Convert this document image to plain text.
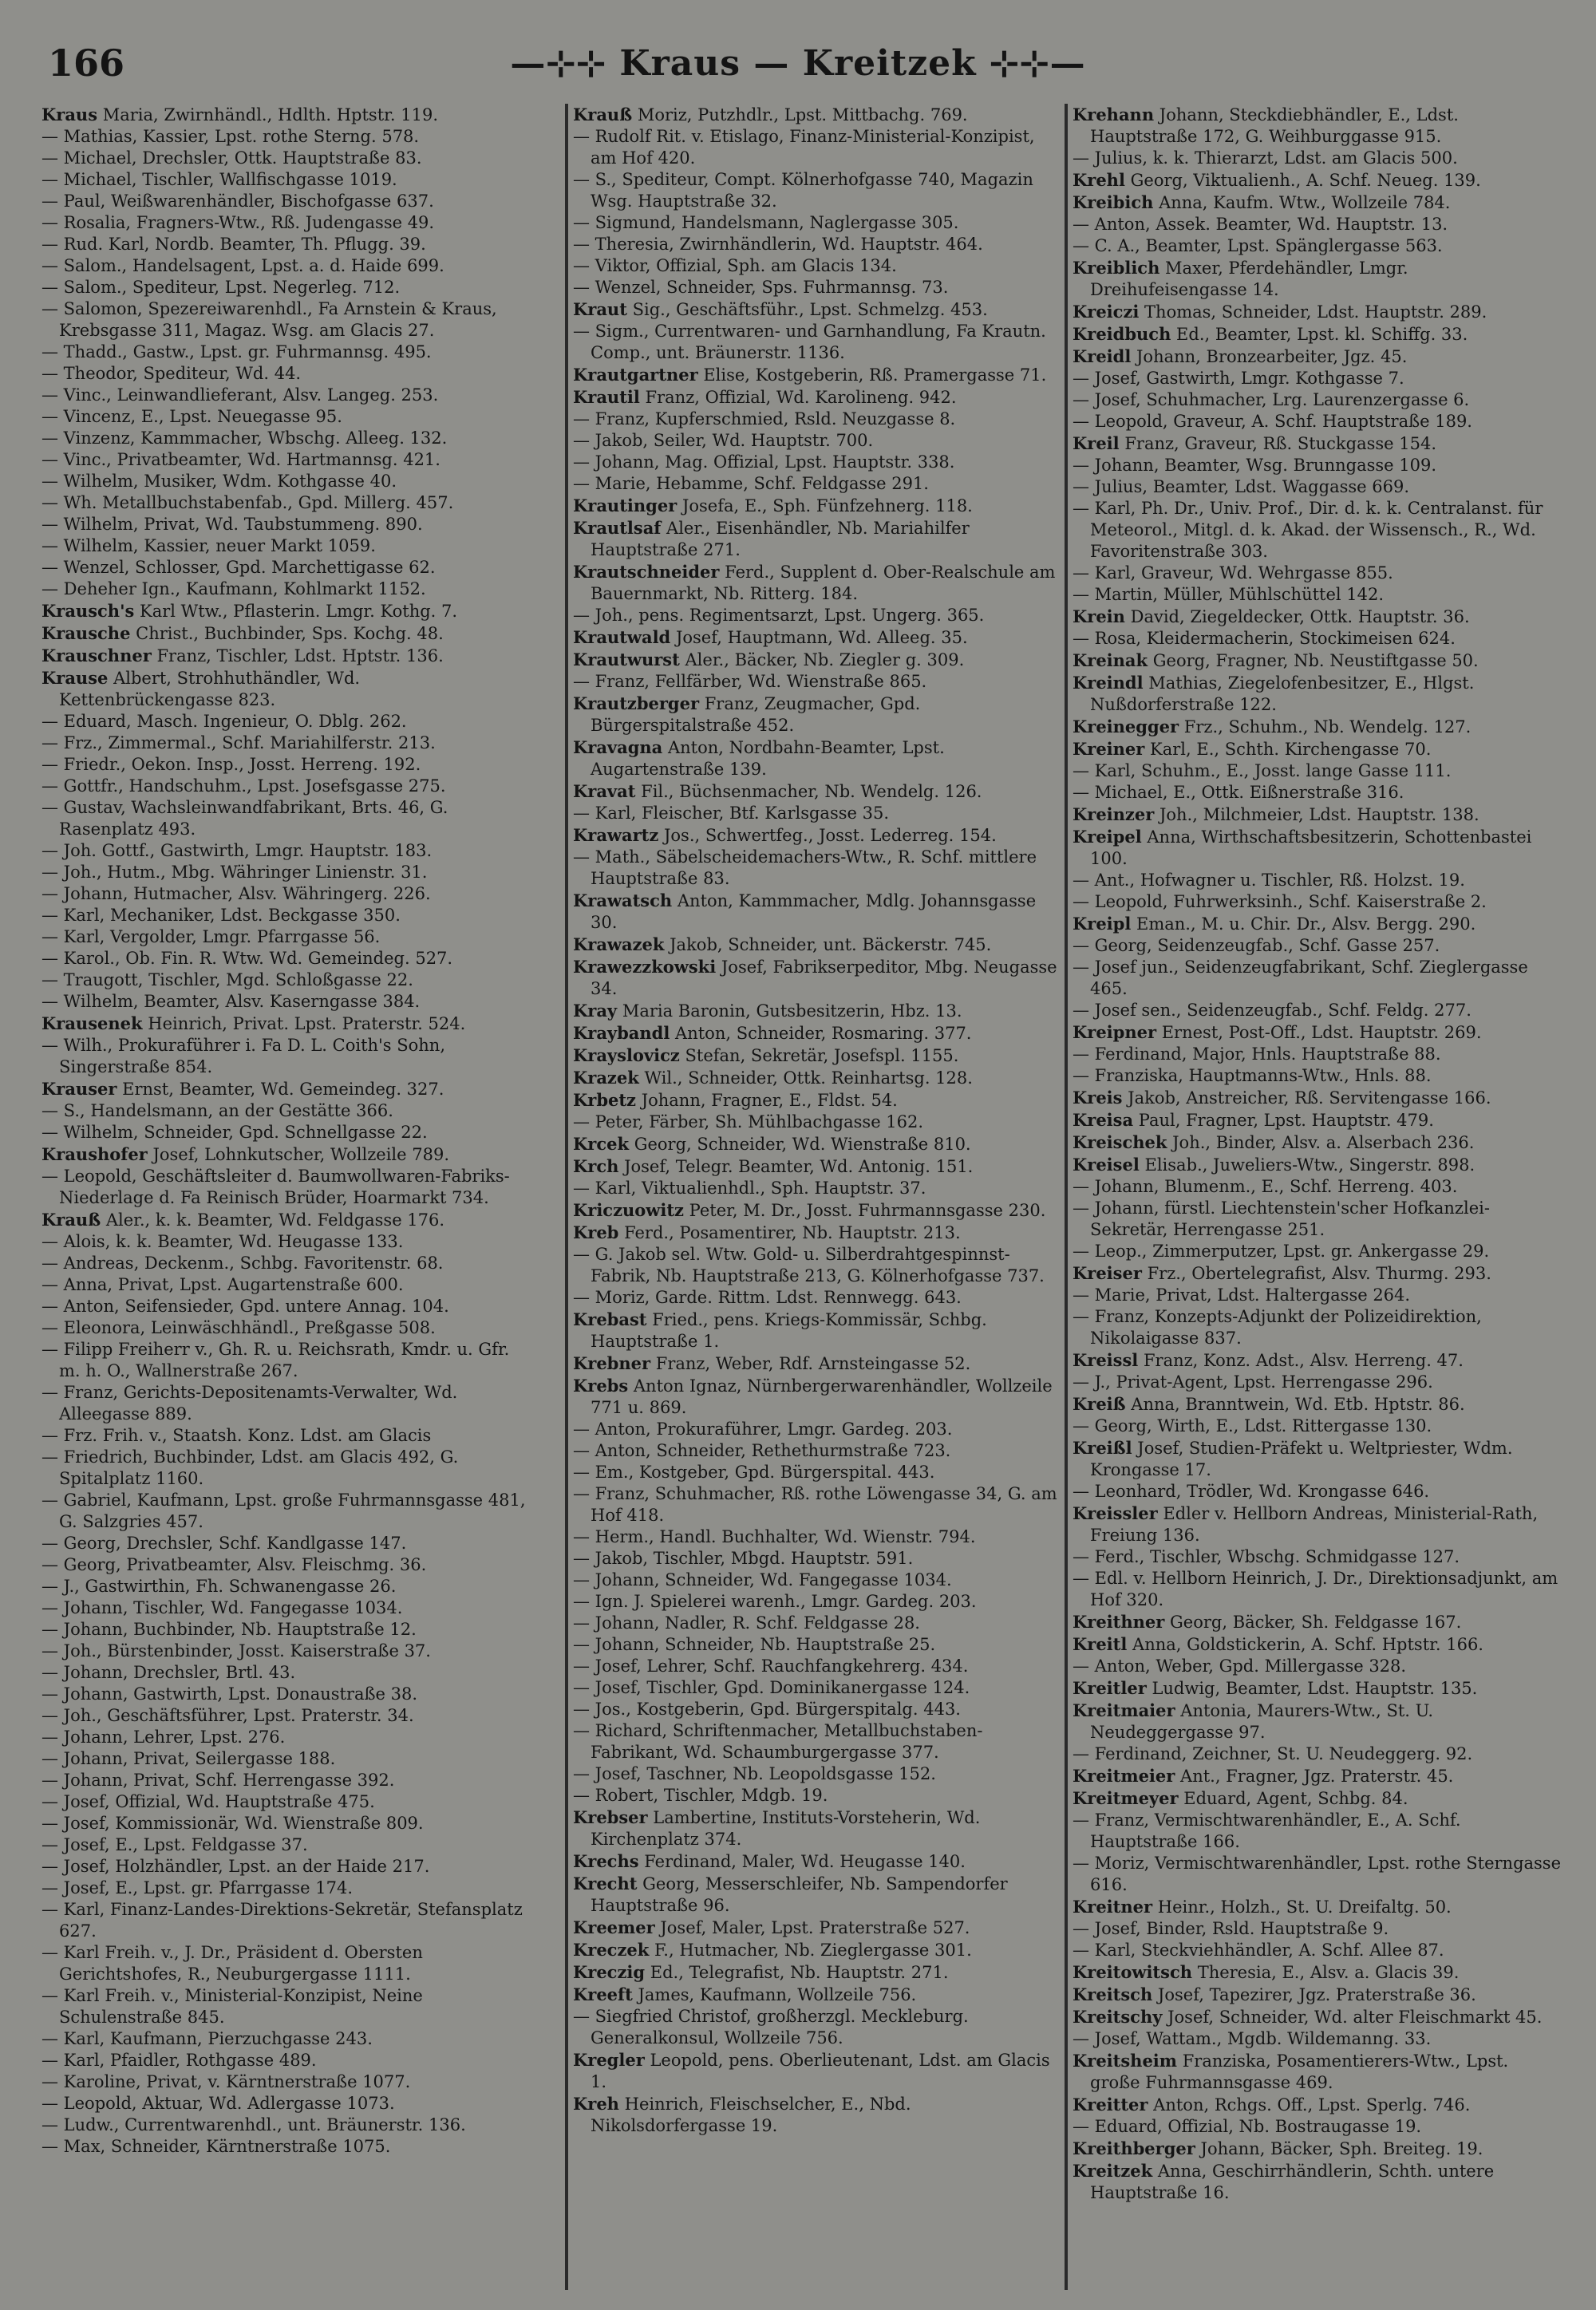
166	—⊹⊹ Kraus — Kreitzek ⊹⊹—
Kraus Maria, Zwirnhändl., Hdlth. Hptstr. 119.
— Mathias, Kassier, Lpst. rothe Sterng. 578.
— Michael, Drechsler, Ottk. Hauptstraße 83.
— Michael, Tischler, Wallfischgasse 1019.
— Paul, Weißwarenhändler, Bischofgasse 637.
— Rosalia, Fragners-Wtw., Rß. Judengasse 49.
— Rud. Karl, Nordb. Beamter, Th. Pflugg. 39.
— Salom., Handelsagent, Lpst. a. d. Haide 699.
— Salom., Spediteur, Lpst. Negerleg. 712.
— Salomon, Spezereiwarenhdl., Fa Arnstein & Kraus, Krebsgasse 311, Magaz. Wsg. am Glacis 27.
— Thadd., Gastw., Lpst. gr. Fuhrmannsg. 495.
— Theodor, Spediteur, Wd. 44.
— Vinc., Leinwandlieferant, Alsv. Langeg. 253.
— Vincenz, E., Lpst. Neuegasse 95.
— Vinzenz, Kammmacher, Wbschg. Alleeg. 132.
— Vinc., Privatbeamter, Wd. Hartmannsg. 421.
— Wilhelm, Musiker, Wdm. Kothgasse 40.
— Wh. Metallbuchstabenfab., Gpd. Millerg. 457.
— Wilhelm, Privat, Wd. Taubstummeng. 890.
— Wilhelm, Kassier, neuer Markt 1059.
— Wenzel, Schlosser, Gpd. Marchettigasse 62.
— Deheher Ign., Kaufmann, Kohlmarkt 1152.
Krausch's Karl Wtw., Pflasterin. Lmgr. Kothg. 7.
Krausche Christ., Buchbinder, Sps. Kochg. 48.
Krauschner Franz, Tischler, Ldst. Hptstr. 136.
Krause Albert, Strohhuthändler, Wd. Kettenbrückengasse 823.
— Eduard, Masch. Ingenieur, O. Dblg. 262.
— Frz., Zimmermal., Schf. Mariahilferstr. 213.
— Friedr., Oekon. Insp., Josst. Herreng. 192.
— Gottfr., Handschuhm., Lpst. Josefsgasse 275.
— Gustav, Wachsleinwandfabrikant, Brts. 46, G. Rasenplatz 493.
— Joh. Gottf., Gastwirth, Lmgr. Hauptstr. 183.
— Joh., Hutm., Mbg. Währinger Linienstr. 31.
— Johann, Hutmacher, Alsv. Währingerg. 226.
— Karl, Mechaniker, Ldst. Beckgasse 350.
— Karl, Vergolder, Lmgr. Pfarrgasse 56.
— Karol., Ob. Fin. R. Wtw. Wd. Gemeindeg. 527.
— Traugott, Tischler, Mgd. Schloßgasse 22.
— Wilhelm, Beamter, Alsv. Kaserngasse 384.
Krausenek Heinrich, Privat. Lpst. Praterstr. 524.
— Wilh., Prokuraführer i. Fa D. L. Coith's Sohn, Singerstraße 854.
Krauser Ernst, Beamter, Wd. Gemeindeg. 327.
— S., Handelsmann, an der Gestätte 366.
— Wilhelm, Schneider, Gpd. Schnellgasse 22.
Kraushofer Josef, Lohnkutscher, Wollzeile 789.
— Leopold, Geschäftsleiter d. Baumwollwaren-Fabriks-Niederlage d. Fa Reinisch Brüder, Hoarmarkt 734.
Krauß Aler., k. k. Beamter, Wd. Feldgasse 176.
— Alois, k. k. Beamter, Wd. Heugasse 133.
— Andreas, Deckenm., Schbg. Favoritenstr. 68.
— Anna, Privat, Lpst. Augartenstraße 600.
— Anton, Seifensieder, Gpd. untere Annag. 104.
— Eleonora, Leinwäschhändl., Preßgasse 508.
— Filipp Freiherr v., Gh. R. u. Reichsrath, Kmdr. u. Gfr. m. h. O., Wallnerstraße 267.
— Franz, Gerichts-Depositenamts-Verwalter, Wd. Alleegasse 889.
— Frz. Frih. v., Staatsh. Konz. Ldst. am Glacis
— Friedrich, Buchbinder, Ldst. am Glacis 492, G. Spitalplatz 1160.
— Gabriel, Kaufmann, Lpst. große Fuhrmannsgasse 481, G. Salzgries 457.
— Georg, Drechsler, Schf. Kandlgasse 147.
— Georg, Privatbeamter, Alsv. Fleischmg. 36.
— J., Gastwirthin, Fh. Schwanengasse 26.
— Johann, Tischler, Wd. Fangegasse 1034.
— Johann, Buchbinder, Nb. Hauptstraße 12.
— Joh., Bürstenbinder, Josst. Kaiserstraße 37.
— Johann, Drechsler, Brtl. 43.
— Johann, Gastwirth, Lpst. Donaustraße 38.
— Joh., Geschäftsführer, Lpst. Praterstr. 34.
— Johann, Lehrer, Lpst. 276.
— Johann, Privat, Seilergasse 188.
— Johann, Privat, Schf. Herrengasse 392.
— Josef, Offizial, Wd. Hauptstraße 475.
— Josef, Kommissionär, Wd. Wienstraße 809.
— Josef, E., Lpst. Feldgasse 37.
— Josef, Holzhändler, Lpst. an der Haide 217.
— Josef, E., Lpst. gr. Pfarrgasse 174.
— Karl, Finanz-Landes-Direktions-Sekretär, Stefansplatz 627.
— Karl Freih. v., J. Dr., Präsident d. Obersten Gerichtshofes, R., Neuburgergasse 1111.
— Karl Freih. v., Ministerial-Konzipist, Neine Schulenstraße 845.
— Karl, Kaufmann, Pierzuchgasse 243.
— Karl, Pfaidler, Rothgasse 489.
— Karoline, Privat, v. Kärntnerstraße 1077.
— Leopold, Aktuar, Wd. Adlergasse 1073.
— Ludw., Currentwarenhdl., unt. Bräunerstr. 136.
— Max, Schneider, Kärntnerstraße 1075.
Krauß Moriz, Putzhdlr., Lpst. Mittbachg. 769.
— Rudolf Rit. v. Etislago, Finanz-Ministerial-Konzipist, am Hof 420.
— S., Spediteur, Compt. Kölnerhofgasse 740, Magazin Wsg. Hauptstraße 32.
— Sigmund, Handelsmann, Naglergasse 305.
— Theresia, Zwirnhändlerin, Wd. Hauptstr. 464.
— Viktor, Offizial, Sph. am Glacis 134.
— Wenzel, Schneider, Sps. Fuhrmannsg. 73.
Kraut Sig., Geschäftsführ., Lpst. Schmelzg. 453.
— Sigm., Currentwaren- und Garnhandlung, Fa Krautn. Comp., unt. Bräunerstr. 1136.
Krautgartner Elise, Kostgeberin, Rß. Pramergasse 71.
Krautil Franz, Offizial, Wd. Karolineng. 942.
— Franz, Kupferschmied, Rsld. Neuzgasse 8.
— Jakob, Seiler, Wd. Hauptstr. 700.
— Johann, Mag. Offizial, Lpst. Hauptstr. 338.
— Marie, Hebamme, Schf. Feldgasse 291.
Krautinger Josefa, E., Sph. Fünfzehnerg. 118.
Krautlsaf Aler., Eisenhändler, Nb. Mariahilfer Hauptstraße 271.
Krautschneider Ferd., Supplent d. Ober-Realschule am Bauernmarkt, Nb. Ritterg. 184.
— Joh., pens. Regimentsarzt, Lpst. Ungerg. 365.
Krautwald Josef, Hauptmann, Wd. Alleeg. 35.
Krautwurst Aler., Bäcker, Nb. Ziegler g. 309.
— Franz, Fellfärber, Wd. Wienstraße 865.
Krautzberger Franz, Zeugmacher, Gpd. Bürgerspitalstraße 452.
Kravagna Anton, Nordbahn-Beamter, Lpst. Augartenstraße 139.
Kravat Fil., Büchsenmacher, Nb. Wendelg. 126.
— Karl, Fleischer, Btf. Karlsgasse 35.
Krawartz Jos., Schwertfeg., Josst. Lederreg. 154.
— Math., Säbelscheidemachers-Wtw., R. Schf. mittlere Hauptstraße 83.
Krawatsch Anton, Kammmacher, Mdlg. Johannsgasse 30.
Krawazek Jakob, Schneider, unt. Bäckerstr. 745.
Krawezzkowski Josef, Fabrikserpeditor, Mbg. Neugasse 34.
Kray Maria Baronin, Gutsbesitzerin, Hbz. 13.
Kraybandl Anton, Schneider, Rosmaring. 377.
Krayslovicz Stefan, Sekretär, Josefspl. 1155.
Krazek Wil., Schneider, Ottk. Reinhartsg. 128.
Krbetz Johann, Fragner, E., Fldst. 54.
— Peter, Färber, Sh. Mühlbachgasse 162.
Krcek Georg, Schneider, Wd. Wienstraße 810.
Krch Josef, Telegr. Beamter, Wd. Antonig. 151.
— Karl, Viktualienhdl., Sph. Hauptstr. 37.
Kriczuowitz Peter, M. Dr., Josst. Fuhrmannsgasse 230.
Kreb Ferd., Posamentirer, Nb. Hauptstr. 213.
— G. Jakob sel. Wtw. Gold- u. Silberdrahtgespinnst-Fabrik, Nb. Hauptstraße 213, G. Kölnerhofgasse 737.
— Moriz, Garde. Rittm. Ldst. Rennwegg. 643.
Krebast Fried., pens. Kriegs-Kommissär, Schbg. Hauptstraße 1.
Krebner Franz, Weber, Rdf. Arnsteingasse 52.
Krebs Anton Ignaz, Nürnbergerwarenhändler, Wollzeile 771 u. 869.
— Anton, Prokuraführer, Lmgr. Gardeg. 203.
— Anton, Schneider, Rethethurmstraße 723.
— Em., Kostgeber, Gpd. Bürgerspital. 443.
— Franz, Schuhmacher, Rß. rothe Löwengasse 34, G. am Hof 418.
— Herm., Handl. Buchhalter, Wd. Wienstr. 794.
— Jakob, Tischler, Mbgd. Hauptstr. 591.
— Johann, Schneider, Wd. Fangegasse 1034.
— Ign. J. Spielerei warenh., Lmgr. Gardeg. 203.
— Johann, Nadler, R. Schf. Feldgasse 28.
— Johann, Schneider, Nb. Hauptstraße 25.
— Josef, Lehrer, Schf. Rauchfangkehrerg. 434.
— Josef, Tischler, Gpd. Dominikanergasse 124.
— Jos., Kostgeberin, Gpd. Bürgerspitalg. 443.
— Richard, Schriftenmacher, Metallbuchstaben-Fabrikant, Wd. Schaumburgergasse 377.
— Josef, Taschner, Nb. Leopoldsgasse 152.
— Robert, Tischler, Mdgb. 19.
Krebser Lambertine, Instituts-Vorsteherin, Wd. Kirchenplatz 374.
Krechs Ferdinand, Maler, Wd. Heugasse 140.
Krecht Georg, Messerschleifer, Nb. Sampendorfer Hauptstraße 96.
Kreemer Josef, Maler, Lpst. Praterstraße 527.
Kreczek F., Hutmacher, Nb. Zieglergasse 301.
Kreczig Ed., Telegrafist, Nb. Hauptstr. 271.
Kreeft James, Kaufmann, Wollzeile 756.
— Siegfried Christof, großherzgl. Meckleburg. Generalkonsul, Wollzeile 756.
Kregler Leopold, pens. Oberlieutenant, Ldst. am Glacis 1.
Kreh Heinrich, Fleischselcher, E., Nbd. Nikolsdorfergasse 19.
Krehann Johann, Steckdiebhändler, E., Ldst. Hauptstraße 172, G. Weihburggasse 915.
— Julius, k. k. Thierarzt, Ldst. am Glacis 500.
Krehl Georg, Viktualienh., A. Schf. Neueg. 139.
Kreibich Anna, Kaufm. Wtw., Wollzeile 784.
— Anton, Assek. Beamter, Wd. Hauptstr. 13.
— C. A., Beamter, Lpst. Spänglergasse 563.
Kreiblich Maxer, Pferdehändler, Lmgr. Dreihufeisengasse 14.
Kreiczi Thomas, Schneider, Ldst. Hauptstr. 289.
Kreidbuch Ed., Beamter, Lpst. kl. Schiffg. 33.
Kreidl Johann, Bronzearbeiter, Jgz. 45.
— Josef, Gastwirth, Lmgr. Kothgasse 7.
— Josef, Schuhmacher, Lrg. Laurenzergasse 6.
— Leopold, Graveur, A. Schf. Hauptstraße 189.
Kreil Franz, Graveur, Rß. Stuckgasse 154.
— Johann, Beamter, Wsg. Brunngasse 109.
— Julius, Beamter, Ldst. Waggasse 669.
— Karl, Ph. Dr., Univ. Prof., Dir. d. k. k. Centralanst. für Meteorol., Mitgl. d. k. Akad. der Wissensch., R., Wd. Favoritenstraße 303.
— Karl, Graveur, Wd. Wehrgasse 855.
— Martin, Müller, Mühlschüttel 142.
Krein David, Ziegeldecker, Ottk. Hauptstr. 36.
— Rosa, Kleidermacherin, Stockimeisen 624.
Kreinak Georg, Fragner, Nb. Neustiftgasse 50.
Kreindl Mathias, Ziegelofenbesitzer, E., Hlgst. Nußdorferstraße 122.
Kreinegger Frz., Schuhm., Nb. Wendelg. 127.
Kreiner Karl, E., Schth. Kirchengasse 70.
— Karl, Schuhm., E., Josst. lange Gasse 111.
— Michael, E., Ottk. Eißnerstraße 316.
Kreinzer Joh., Milchmeier, Ldst. Hauptstr. 138.
Kreipel Anna, Wirthschaftsbesitzerin, Schottenbastei 100.
— Ant., Hofwagner u. Tischler, Rß. Holzst. 19.
— Leopold, Fuhrwerksinh., Schf. Kaiserstraße 2.
Kreipl Eman., M. u. Chir. Dr., Alsv. Bergg. 290.
— Georg, Seidenzeugfab., Schf. Gasse 257.
— Josef jun., Seidenzeugfabrikant, Schf. Zieglergasse 465.
— Josef sen., Seidenzeugfab., Schf. Feldg. 277.
Kreipner Ernest, Post-Off., Ldst. Hauptstr. 269.
— Ferdinand, Major, Hnls. Hauptstraße 88.
— Franziska, Hauptmanns-Wtw., Hnls. 88.
Kreis Jakob, Anstreicher, Rß. Servitengasse 166.
Kreisa Paul, Fragner, Lpst. Hauptstr. 479.
Kreischek Joh., Binder, Alsv. a. Alserbach 236.
Kreisel Elisab., Juweliers-Wtw., Singerstr. 898.
— Johann, Blumenm., E., Schf. Herreng. 403.
— Johann, fürstl. Liechtenstein'scher Hofkanzlei-Sekretär, Herrengasse 251.
— Leop., Zimmerputzer, Lpst. gr. Ankergasse 29.
Kreiser Frz., Obertelegrafist, Alsv. Thurmg. 293.
— Marie, Privat, Ldst. Haltergasse 264.
— Franz, Konzepts-Adjunkt der Polizeidirektion, Nikolaigasse 837.
Kreissl Franz, Konz. Adst., Alsv. Herreng. 47.
— J., Privat-Agent, Lpst. Herrengasse 296.
Kreiß Anna, Branntwein, Wd. Etb. Hptstr. 86.
— Georg, Wirth, E., Ldst. Rittergasse 130.
Kreißl Josef, Studien-Präfekt u. Weltpriester, Wdm. Krongasse 17.
— Leonhard, Trödler, Wd. Krongasse 646.
Kreissler Edler v. Hellborn Andreas, Ministerial-Rath, Freiung 136.
— Ferd., Tischler, Wbschg. Schmidgasse 127.
— Edl. v. Hellborn Heinrich, J. Dr., Direktionsadjunkt, am Hof 320.
Kreithner Georg, Bäcker, Sh. Feldgasse 167.
Kreitl Anna, Goldstickerin, A. Schf. Hptstr. 166.
— Anton, Weber, Gpd. Millergasse 328.
Kreitler Ludwig, Beamter, Ldst. Hauptstr. 135.
Kreitmaier Antonia, Maurers-Wtw., St. U. Neudeggergasse 97.
— Ferdinand, Zeichner, St. U. Neudeggerg. 92.
Kreitmeier Ant., Fragner, Jgz. Praterstr. 45.
Kreitmeyer Eduard, Agent, Schbg. 84.
— Franz, Vermischtwarenhändler, E., A. Schf. Hauptstraße 166.
— Moriz, Vermischtwarenhändler, Lpst. rothe Sterngasse 616.
Kreitner Heinr., Holzh., St. U. Dreifaltg. 50.
— Josef, Binder, Rsld. Hauptstraße 9.
— Karl, Steckviehhändler, A. Schf. Allee 87.
Kreitowitsch Theresia, E., Alsv. a. Glacis 39.
Kreitsch Josef, Tapezirer, Jgz. Praterstraße 36.
Kreitschy Josef, Schneider, Wd. alter Fleischmarkt 45.
— Josef, Wattam., Mgdb. Wildemanng. 33.
Kreitsheim Franziska, Posamentierers-Wtw., Lpst. große Fuhrmannsgasse 469.
Kreitter Anton, Rchgs. Off., Lpst. Sperlg. 746.
— Eduard, Offizial, Nb. Bostraugasse 19.
Kreithberger Johann, Bäcker, Sph. Breiteg. 19.
Kreitzek Anna, Geschirrhändlerin, Schth. untere Hauptstraße 16.
